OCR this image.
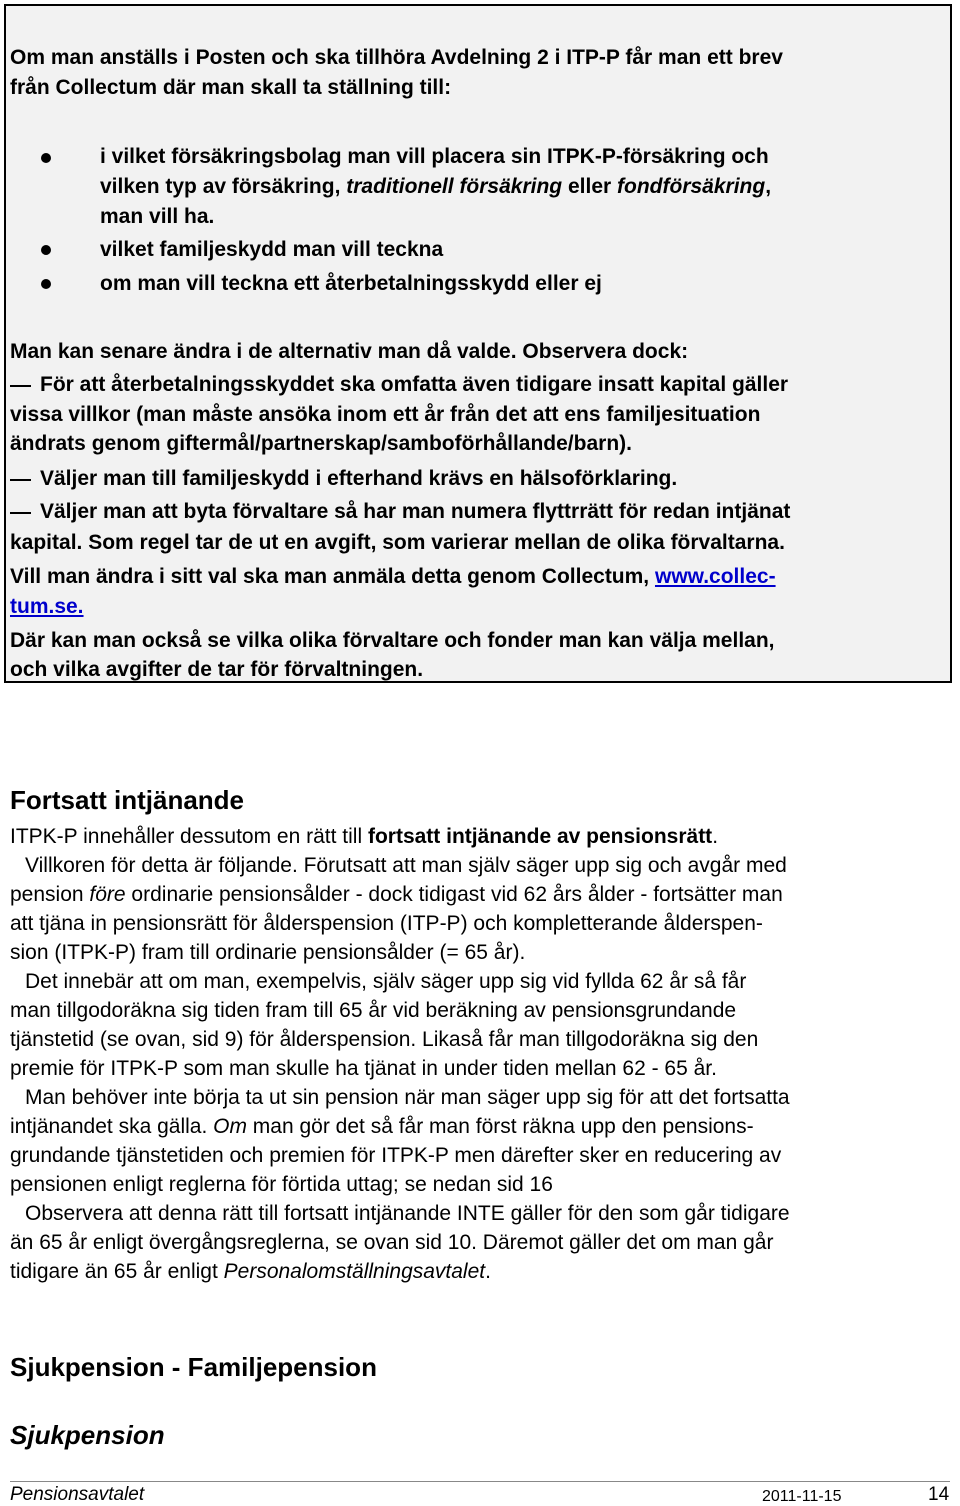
Om man anställs i Posten och ska tillhöra Avdelning 2 i ITP-P får man ett brev

från Collectum där man skall ta ställning till:

i vilket försäkringsbolag man vill placera sin ITPK-P-försäkring och

vilken typ av försäkring, traditionell försäkring eller fondförsäkring,

man vill ha.

vilket familjeskydd man vill teckna

om man vill teckna ett återbetalningsskydd eller ej

Man kan senare ändra i de alternativ man då valde. Observera dock:

För att återbetalningsskyddet ska omfatta även tidigare insatt kapital gäller

vissa villkor (man måste ansöka inom ett år från det att ens familjesituation

ändrats genom giftermål/partnerskap/samboförhållande/barn).

Väljer man till familjeskydd i efterhand krävs en hälsoförklaring.

Väljer man att byta förvaltare så har man numera flyttrrätt för redan intjänat

kapital. Som regel tar de ut en avgift, som varierar mellan de olika förvaltarna.

Vill man ändra i sitt val ska man anmäla detta genom Collectum, www.collec-

tum.se.

Där kan man också se vilka olika förvaltare och fonder man kan välja mellan,

och vilka avgifter de tar för förvaltningen.

Fortsatt intjänande

ITPK-P innehåller dessutom en rätt till fortsatt intjänande av pensionsrätt.

Villkoren för detta är följande. Förutsatt att man själv säger upp sig och avgår med

pension före ordinarie pensionsålder - dock tidigast vid 62 års ålder - fortsätter man

att tjäna in pensionsrätt för ålderspension (ITP-P) och kompletterande ålderspen-

sion (ITPK-P) fram till ordinarie pensionsålder (= 65 år).

Det innebär att om man, exempelvis, själv säger upp sig vid fyllda 62 år så får

man tillgodoräkna sig tiden fram till 65 år vid beräkning av pensionsgrundande

tjänstetid (se ovan, sid 9) för ålderspension. Likaså får man tillgodoräkna sig den

premie för ITPK-P som man skulle ha tjänat in under tiden mellan 62 - 65 år.

Man behöver inte börja ta ut sin pension när man säger upp sig för att det fortsatta

intjänandet ska gälla. Om man gör det så får man först räkna upp den pensions-

grundande tjänstetiden och premien för ITPK-P men därefter sker en reducering av

pensionen enligt reglerna för förtida uttag; se nedan sid 16

Observera att denna rätt till fortsatt intjänande INTE gäller för den som går tidigare

än 65 år enligt övergångsreglerna, se ovan sid 10. Däremot gäller det om man går

tidigare än 65 år enligt Personalomställningsavtalet.

Sjukpension - Familjepension

Sjukpension

Pensionsavtalet	2011-11-15	14
